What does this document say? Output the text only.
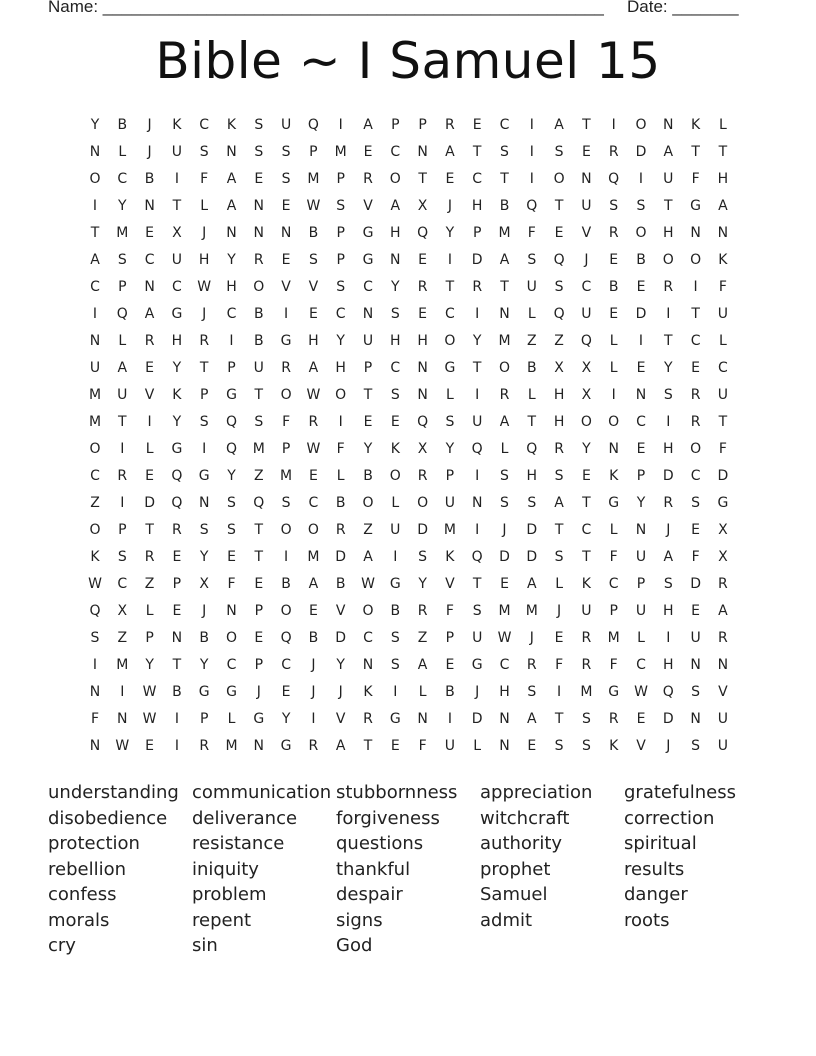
Name: _____________________________________________________ Date: _______
Bible ~ I Samuel 15
Y	B	J	K	C	K	S	U	Q	I	A	P	P	R	E	C	I	A	T	I	O	N	K	L
N	L	J	U	S	N	S	S	P	M	E	C	N	A	T	S	I	S	E	R	D	A	T	T
O	C	B	I	F	A	E	S	M	P	R	O	T	E	C	T	I	O	N	Q	I	U	F	H
I	Y	N	T	L	A	N	E	W	S	V	A	X	J	H	B	Q	T	U	S	S	T	G	A
T	M	E	X	J	N	N	N	B	P	G	H	Q	Y	P	M	F	E	V	R	O	H	N	N
A	S	C	U	H	Y	R	E	S	P	G	N	E	I	D	A	S	Q	J	E	B	O	O	K
C	P	N	C	W	H	O	V	V	S	C	Y	R	T	R	T	U	S	C	B	E	R	I	F
I	Q	A	G	J	C	B	I	E	C	N	S	E	C	I	N	L	Q	U	E	D	I	T	U
N	L	R	H	R	I	B	G	H	Y	U	H	H	O	Y	M	Z	Z	Q	L	I	T	C	L
U	A	E	Y	T	P	U	R	A	H	P	C	N	G	T	O	B	X	X	L	E	Y	E	C
M	U	V	K	P	G	T	O	W	O	T	S	N	L	I	R	L	H	X	I	N	S	R	U
M	T	I	Y	S	Q	S	F	R	I	E	E	Q	S	U	A	T	H	O	O	C	I	R	T
O	I	L	G	I	Q	M	P	W	F	Y	K	X	Y	Q	L	Q	R	Y	N	E	H	O	F
C	R	E	Q	G	Y	Z	M	E	L	B	O	R	P	I	S	H	S	E	K	P	D	C	D
Z	I	D	Q	N	S	Q	S	C	B	O	L	O	U	N	S	S	A	T	G	Y	R	S	G
O	P	T	R	S	S	T	O	O	R	Z	U	D	M	I	J	D	T	C	L	N	J	E	X
K	S	R	E	Y	E	T	I	M	D	A	I	S	K	Q	D	D	S	T	F	U	A	F	X
W	C	Z	P	X	F	E	B	A	B	W	G	Y	V	T	E	A	L	K	C	P	S	D	R
Q	X	L	E	J	N	P	O	E	V	O	B	R	F	S	M	M	J	U	P	U	H	E	A
S	Z	P	N	B	O	E	Q	B	D	C	S	Z	P	U	W	J	E	R	M	L	I	U	R
I	M	Y	T	Y	C	P	C	J	Y	N	S	A	E	G	C	R	F	R	F	C	H	N	N
N	I	W	B	G	G	J	E	J	J	K	I	L	B	J	H	S	I	M	G	W	Q	S	V
F	N	W	I	P	L	G	Y	I	V	R	G	N	I	D	N	A	T	S	R	E	D	N	U
N	W	E	I	R	M	N	G	R	A	T	E	F	U	L	N	E	S	S	K	V	J	S	U
understanding
disobedience
protection
rebellion
confess
morals
cry
communication
deliverance
resistance
iniquity
problem
repent
sin
stubbornness
forgiveness
questions
thankful
despair
signs
God
appreciation
witchcraft
authority
prophet
Samuel
admit
gratefulness
correction
spiritual
results
danger
roots
